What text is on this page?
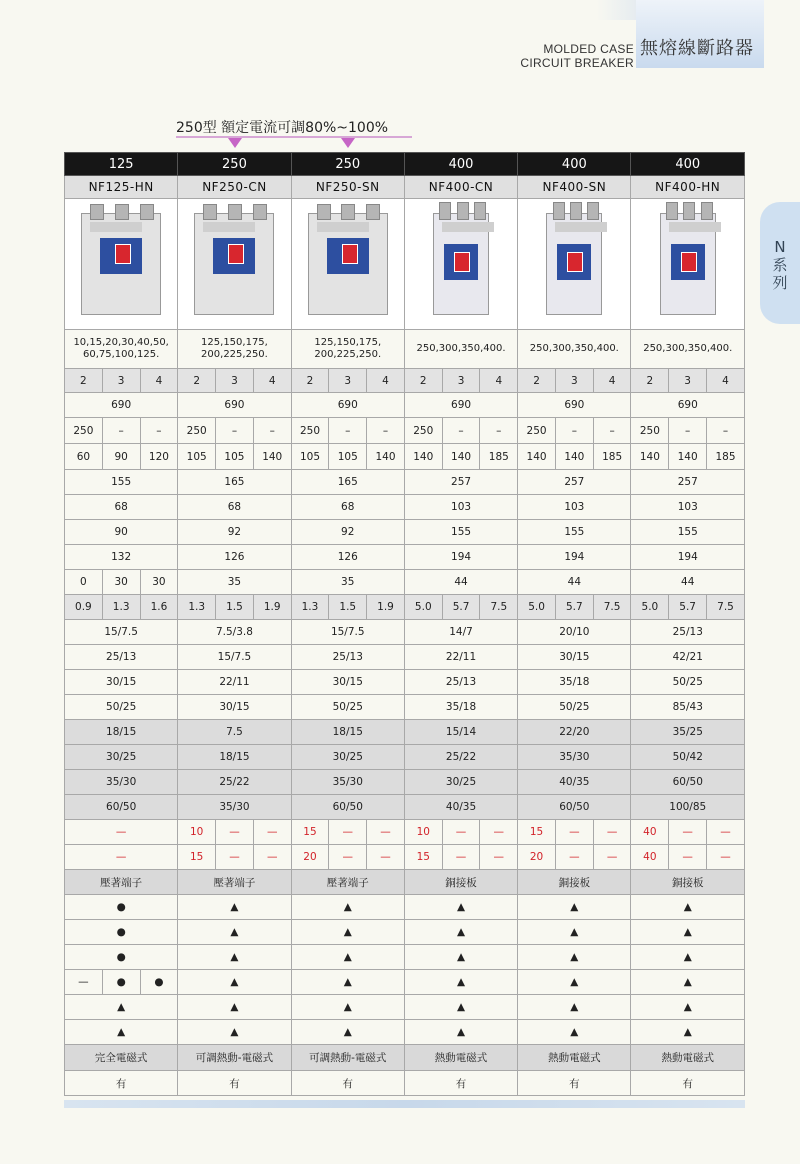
MOLDED CASE
CIRCUIT BREAKER
無熔線斷路器
N
系
列
250型 額定電流可調80%~100%
125			250			250			400			400			400		
NF125-HN			NF250-CN			NF250-SN			NF400-CN			NF400-SN			NF400-HN		

10,15,20,30,40,50, 60,75,100,125.			125,150,175, 200,225,250.			125,150,175, 200,225,250.			250,300,350,400.			250,300,350,400.			250,300,350,400.		
2	3	4	2	3	4	2	3	4	2	3	4	2	3	4	2	3	4
690			690			690			690			690			690		
250	–	–	250	–	–	250	–	–	250	–	–	250	–	–	250	–	–
60	90	120	105	105	140	105	105	140	140	140	185	140	140	185	140	140	185
155			165			165			257			257			257		
68			68			68			103			103			103		
90			92			92			155			155			155		
132			126			126			194			194			194		
0	30	30	35			35			44			44			44		
0.9	1.3	1.6	1.3	1.5	1.9	1.3	1.5	1.9	5.0	5.7	7.5	5.0	5.7	7.5	5.0	5.7	7.5
15/7.5			7.5/3.8			15/7.5			14/7			20/10			25/13		
25/13			15/7.5			25/13			22/11			30/15			42/21		
30/15			22/11			30/15			25/13			35/18			50/25		
50/25			30/15			50/25			35/18			50/25			85/43		
18/15			7.5			18/15			15/14			22/20			35/25		
30/25			18/15			30/25			25/22			35/30			50/42		
35/30			25/22			35/30			30/25			40/35			60/50		
60/50			35/30			60/50			40/35			60/50			100/85		
—			10	—	—	15	—	—	10	—	—	15	—	—	40	—	—
—			15	—	—	20	—	—	15	—	—	20	—	—	40	—	—
壓著端子			壓著端子			壓著端子			銅接板			銅接板			銅接板		
●			▲			▲			▲			▲			▲		
●			▲			▲			▲			▲			▲		
●			▲			▲			▲			▲			▲		
—	●	●	▲			▲			▲			▲			▲		
▲			▲			▲			▲			▲			▲		
▲			▲			▲			▲			▲			▲		
完全電磁式			可調熱動-電磁式			可調熱動-電磁式			熱動電磁式			熱動電磁式			熱動電磁式		
有			有			有			有			有			有		
